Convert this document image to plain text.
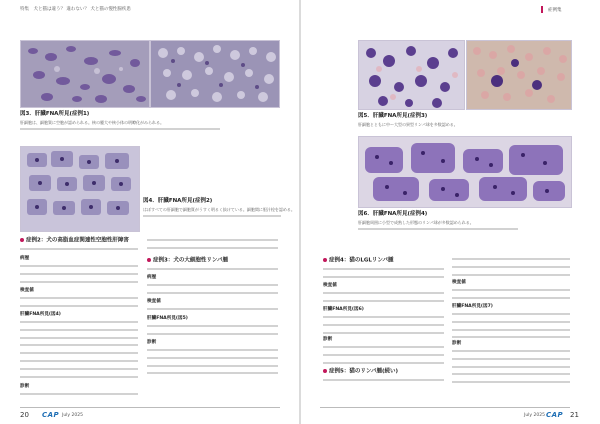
特集　犬と猫は違う？ 違わない？ 犬と猫の慢性腸疾患	症例集
図3．肝臓FNA所見(症例1)
肝細胞は、細胞質に空胞が認められる。核の腫大や核小体の明瞭化がみられる。
図4．肝臓FNA所見(症例2)
はぼすべての肝細胞で細胞質がうすく明るく抜けている。細胞間に胆汁栓を認める。
症例2：犬の高脂血症関連性空胞性肝障害
病歴
検査値
肝臓FNA所見(図4)
診断
症例3：犬の大細胞性リンパ腫
病歴
検査値
肝臓FNA所見(図5)
診断
図5．肝臓FNA所見(症例3)
肝細胞とともに中～大型の異型リンパ球を多数認める。
図6．肝臓FNA所見(症例4)
肝細胞周囲に小型で成熟した形態のリンパ球が多数認められる。
症例4：猫のLGLリンパ腫
検査値
肝臓FNA所見(図6)
診断
症例5：猫のリンパ腫(続い)
検査値
肝臓FNA所見(図7)
診断
20 CAP July 2025	July 2025 CAP 21
